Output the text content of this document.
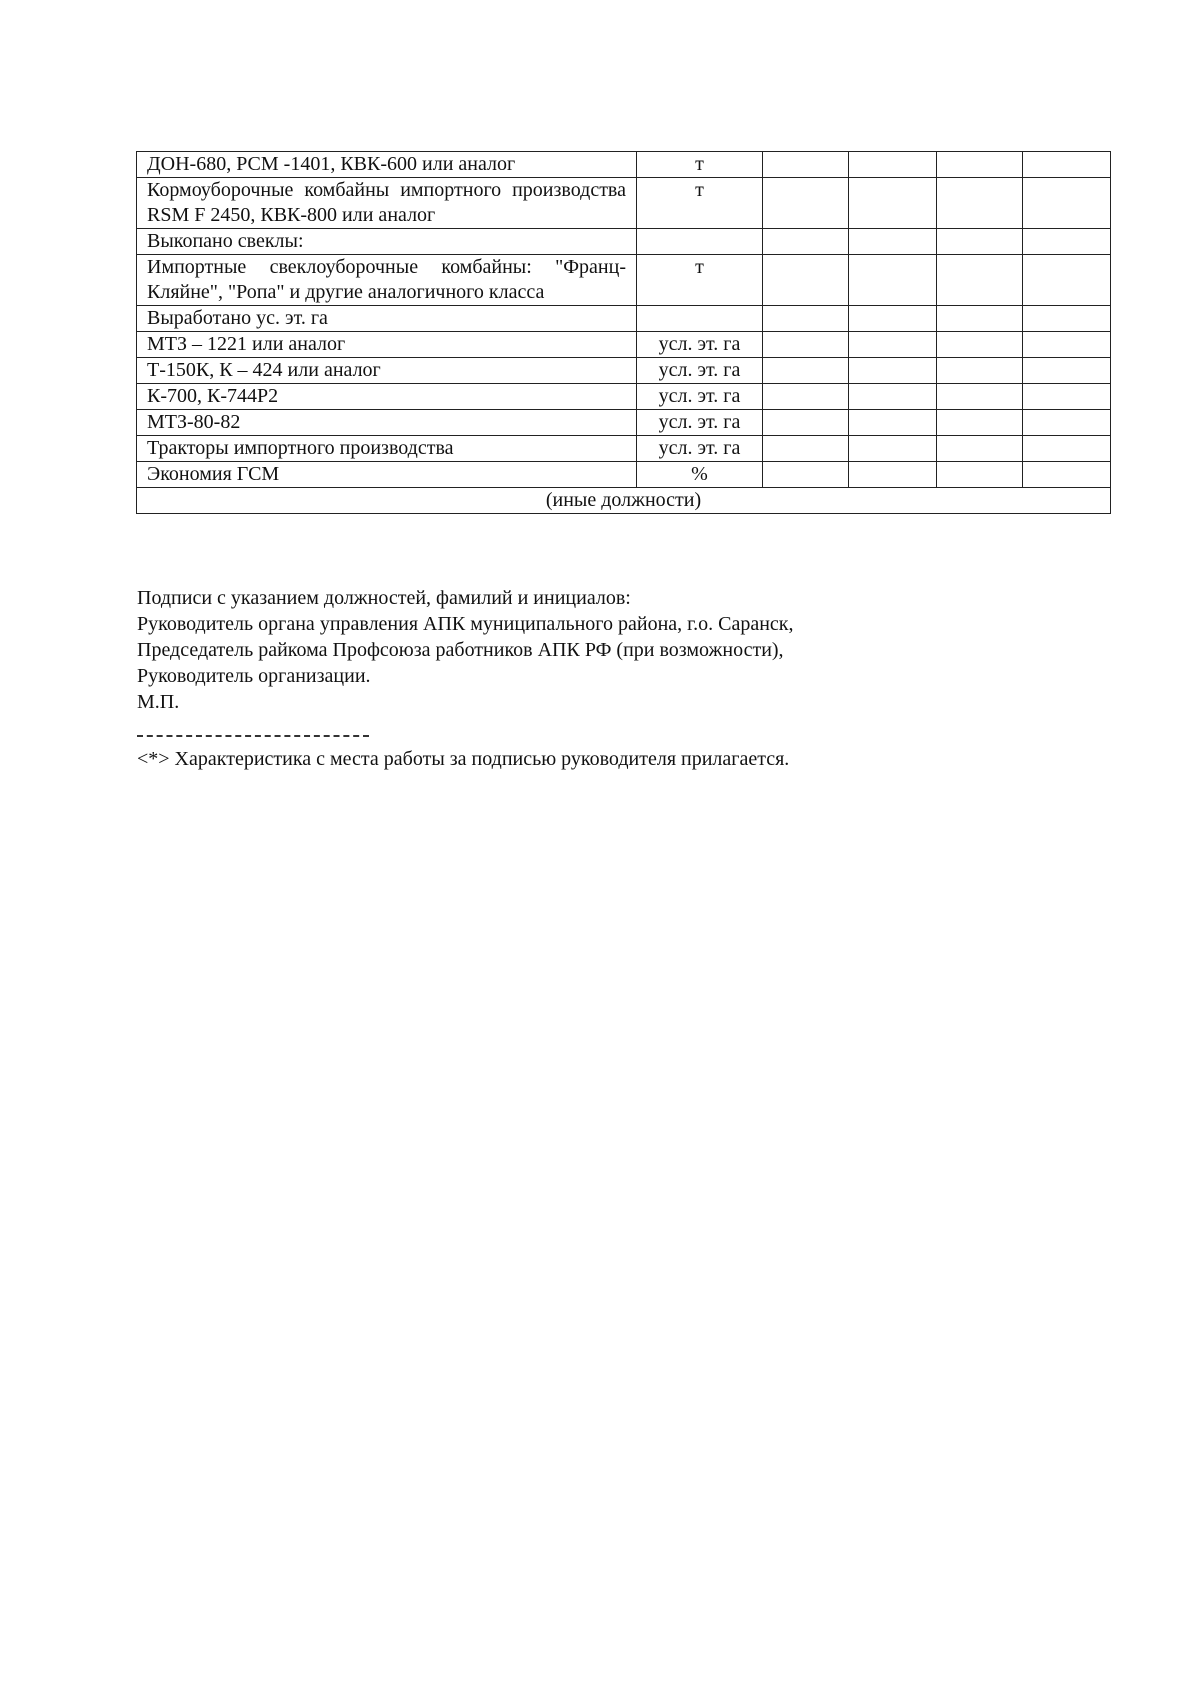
ДОН-680, РСМ -1401, КВК-600 или аналог	т				
Кормоуборочные комбайны импортного производства RSM F 2450, КВК-800 или аналог	т				
Выкопано свеклы:					
Импортные свеклоуборочные комбайны: "Франц-Кляйне", "Ропа" и другие аналогичного класса	т				
Выработано ус. эт. га					
МТЗ – 1221 или аналог	усл. эт. га				
Т-150К, К – 424 или аналог	усл. эт. га				
К-700, К-744Р2	усл. эт. га				
МТЗ-80-82	усл. эт. га				
Тракторы импортного производства	усл. эт. га				
Экономия ГСМ	%				
(иные должности)					
Подписи с указанием должностей, фамилий и инициалов:
Руководитель органа управления АПК муниципального района, г.о. Саранск,
Председатель райкома Профсоюза работников АПК РФ (при возможности),
Руководитель организации.
М.П.
<*> Характеристика с места работы за подписью руководителя прилагается.
